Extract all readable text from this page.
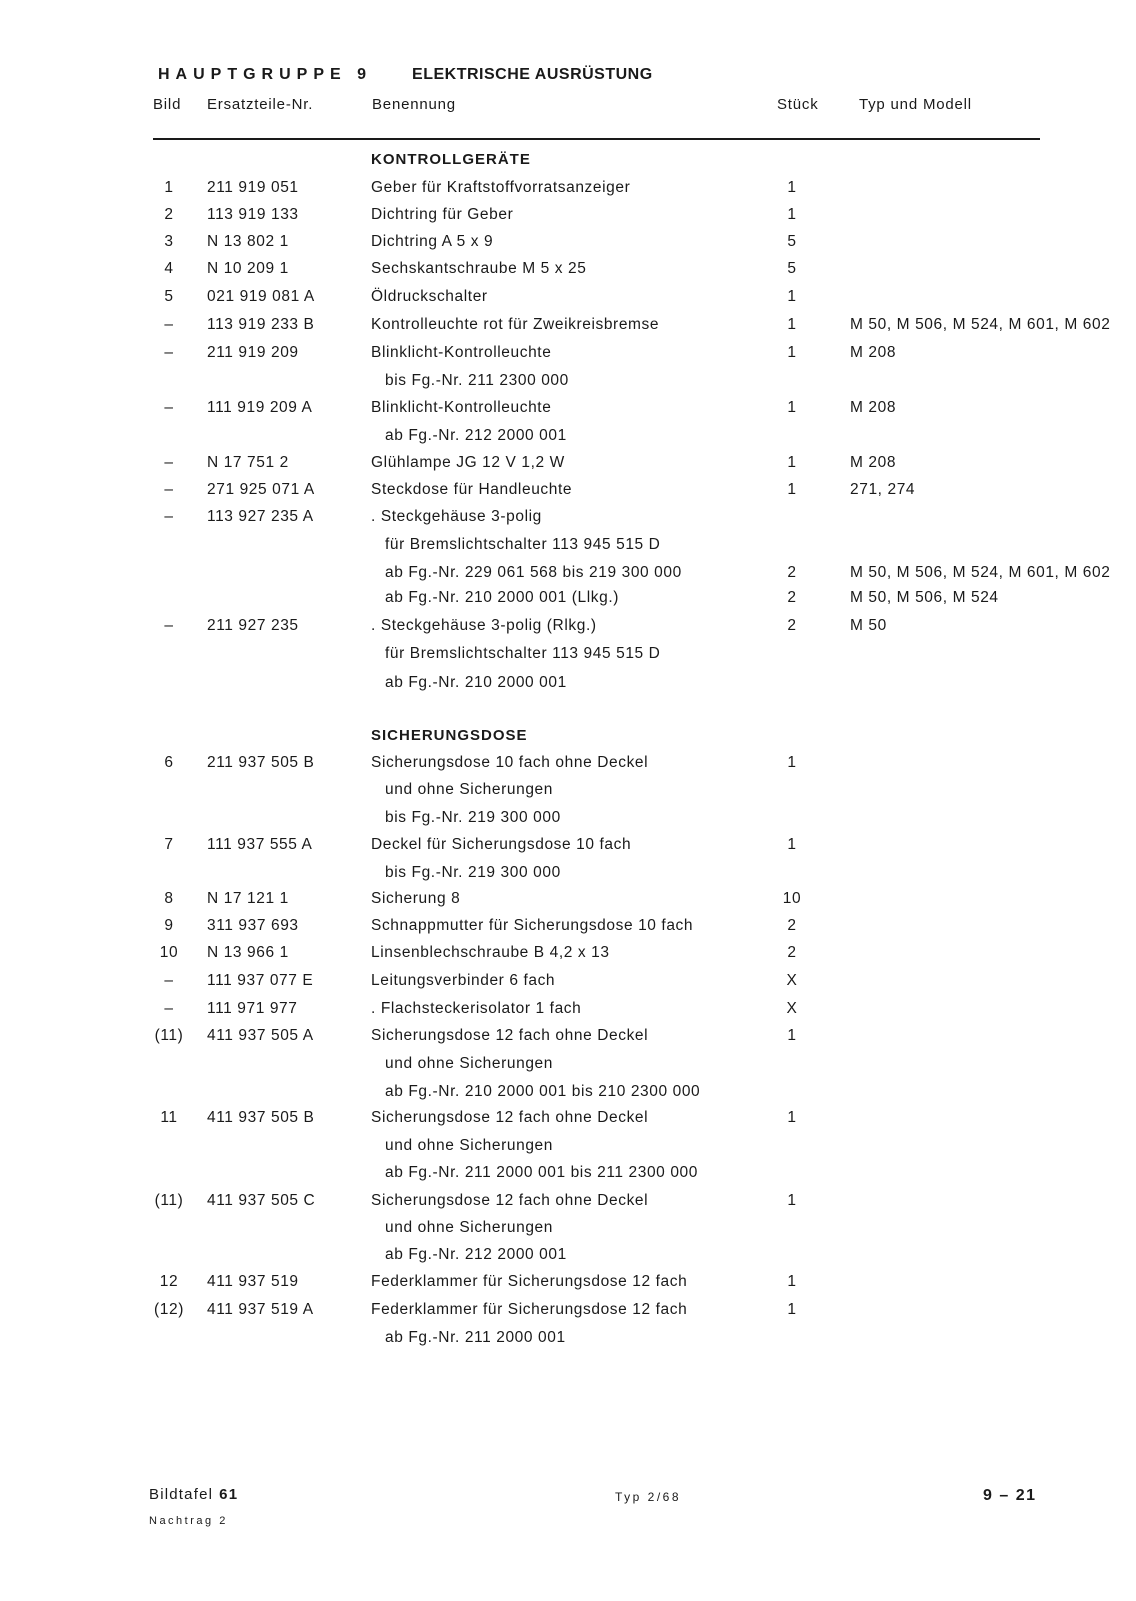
HAUPTGRUPPE 9	ELEKTRISCHE AUSRÜSTUNG
Bild Ersatzteile-Nr.	Benennung	Stück	Typ und Modell
KONTROLLGERÄTE
1	211 919 051	Geber für Kraftstoffvorratsanzeiger	1
2	113 919 133	Dichtring für Geber	1
3	N 13 802 1	Dichtring A 5 x 9	5
4	N 10 209 1	Sechskantschraube M 5 x 25	5
5	021 919 081 A	Öldruckschalter	1
–	113 919 233 B	Kontrolleuchte rot für Zweikreisbremse	1	M 50, M 506, M 524, M 601, M 602
–	211 919 209	Blinklicht-Kontrolleuchte	1	M 208
bis Fg.-Nr. 211 2300 000
–	111 919 209 A	Blinklicht-Kontrolleuchte	1	M 208
ab Fg.-Nr. 212 2000 001
–	N 17 751 2	Glühlampe JG 12 V 1,2 W	1	M 208
–	271 925 071 A	Steckdose für Handleuchte	1	271, 274
–	113 927 235 A	. Steckgehäuse 3-polig
für Bremslichtschalter 113 945 515 D
ab Fg.-Nr. 229 061 568 bis 219 300 000	2	M 50, M 506, M 524, M 601, M 602
ab Fg.-Nr. 210 2000 001 (Llkg.)	2	M 50, M 506, M 524
–	211 927 235	. Steckgehäuse 3-polig (Rlkg.)	2	M 50
für Bremslichtschalter 113 945 515 D
ab Fg.-Nr. 210 2000 001
SICHERUNGSDOSE
6	211 937 505 B	Sicherungsdose 10 fach ohne Deckel	1
und ohne Sicherungen
bis Fg.-Nr. 219 300 000
7	111 937 555 A	Deckel für Sicherungsdose 10 fach	1
bis Fg.-Nr. 219 300 000
8	N 17 121 1	Sicherung 8	10
9	311 937 693	Schnappmutter für Sicherungsdose 10 fach	2
10	N 13 966 1	Linsenblechschraube B 4,2 x 13	2
–	111 937 077 E	Leitungsverbinder 6 fach	X
–	111 971 977	. Flachsteckerisolator 1 fach	X
(11) 411 937 505 A	Sicherungsdose 12 fach ohne Deckel	1
und ohne Sicherungen
ab Fg.-Nr. 210 2000 001 bis 210 2300 000
11	411 937 505 B	Sicherungsdose 12 fach ohne Deckel	1
und ohne Sicherungen
ab Fg.-Nr. 211 2000 001 bis 211 2300 000
(11) 411 937 505 C	Sicherungsdose 12 fach ohne Deckel	1
und ohne Sicherungen
ab Fg.-Nr. 212 2000 001
12	411 937 519	Federklammer für Sicherungsdose 12 fach	1
(12) 411 937 519 A	Federklammer für Sicherungsdose 12 fach	1
ab Fg.-Nr. 211 2000 001
Bildtafel 61
Nachtrag 2
Typ 2/68	9 – 21
